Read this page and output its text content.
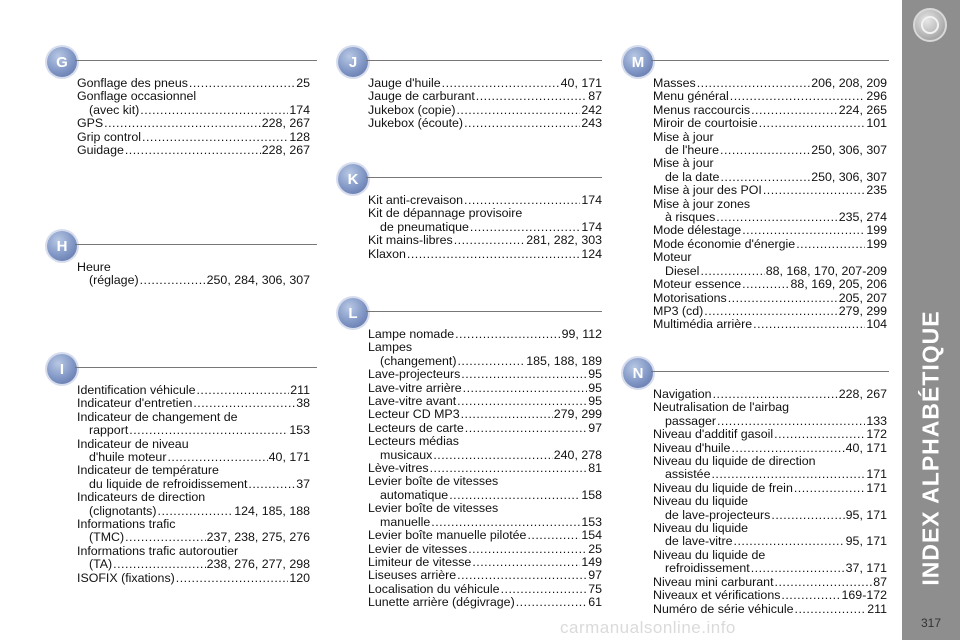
INDEX ALPHABÉTIQUE
317
carmanualsonline.info
G
Gonflage des pneus .....	25
Gonflage occasionnel
(avec kit) .....	174
GPS .....	228, 267
Grip control .....	128
Guidage .....	228, 267
H
Heure
(réglage) .....	250, 284, 306, 307
I
Identification véhicule .....	211
Indicateur d'entretien .....	38
Indicateur de changement de
rapport .....	153
Indicateur de niveau
d'huile moteur .....	40, 171
Indicateur de température
du liquide de refroidissement .....	37
Indicateurs de direction
(clignotants) .....	124, 185, 188
Informations trafic
(TMC) .....	237, 238, 275, 276
Informations trafic autoroutier
(TA) .....	238, 276, 277, 298
ISOFIX (fixations) .....	120
J
Jauge d'huile .....	40, 171
Jauge de carburant .....	87
Jukebox (copie) .....	242
Jukebox (écoute) .....	243
K
Kit anti-crevaison .....	174
Kit de dépannage provisoire
de pneumatique .....	174
Kit mains-libres .....	281, 282, 303
Klaxon .....	124
L
Lampe nomade .....	99, 112
Lampes
(changement) .....	185, 188, 189
Lave-projecteurs .....	95
Lave-vitre arrière .....	95
Lave-vitre avant .....	95
Lecteur CD MP3 .....	279, 299
Lecteurs de carte .....	97
Lecteurs médias
musicaux .....	240, 278
Lève-vitres .....	81
Levier boîte de vitesses
automatique .....	158
Levier boîte de vitesses
manuelle .....	153
Levier boîte manuelle pilotée .....	154
Levier de vitesses .....	25
Limiteur de vitesse .....	149
Liseuses arrière .....	97
Localisation du véhicule .....	75
Lunette arrière (dégivrage) .....	61
M
Masses .....	206, 208, 209
Menu général .....	296
Menus raccourcis .....	224, 265
Miroir de courtoisie .....	101
Mise à jour
de l'heure .....	250, 306, 307
Mise à jour
de la date .....	250, 306, 307
Mise à jour des POI .....	235
Mise à jour zones
à risques .....	235, 274
Mode délestage .....	199
Mode économie d'énergie .....	199
Moteur
Diesel .....	88, 168, 170, 207-209
Moteur essence .....	88, 169, 205, 206
Motorisations .....	205, 207
MP3 (cd) .....	279, 299
Multimédia arrière .....	104
N
Navigation .....	228, 267
Neutralisation de l'airbag
passager .....	133
Niveau d'additif gasoil .....	172
Niveau d'huile .....	40, 171
Niveau du liquide de direction
assistée .....	171
Niveau du liquide de frein .....	171
Niveau du liquide
de lave-projecteurs .....	95, 171
Niveau du liquide
de lave-vitre .....	95, 171
Niveau du liquide de
refroidissement .....	37, 171
Niveau mini carburant .....	87
Niveaux et vérifications .....	169-172
Numéro de série véhicule .....	211
